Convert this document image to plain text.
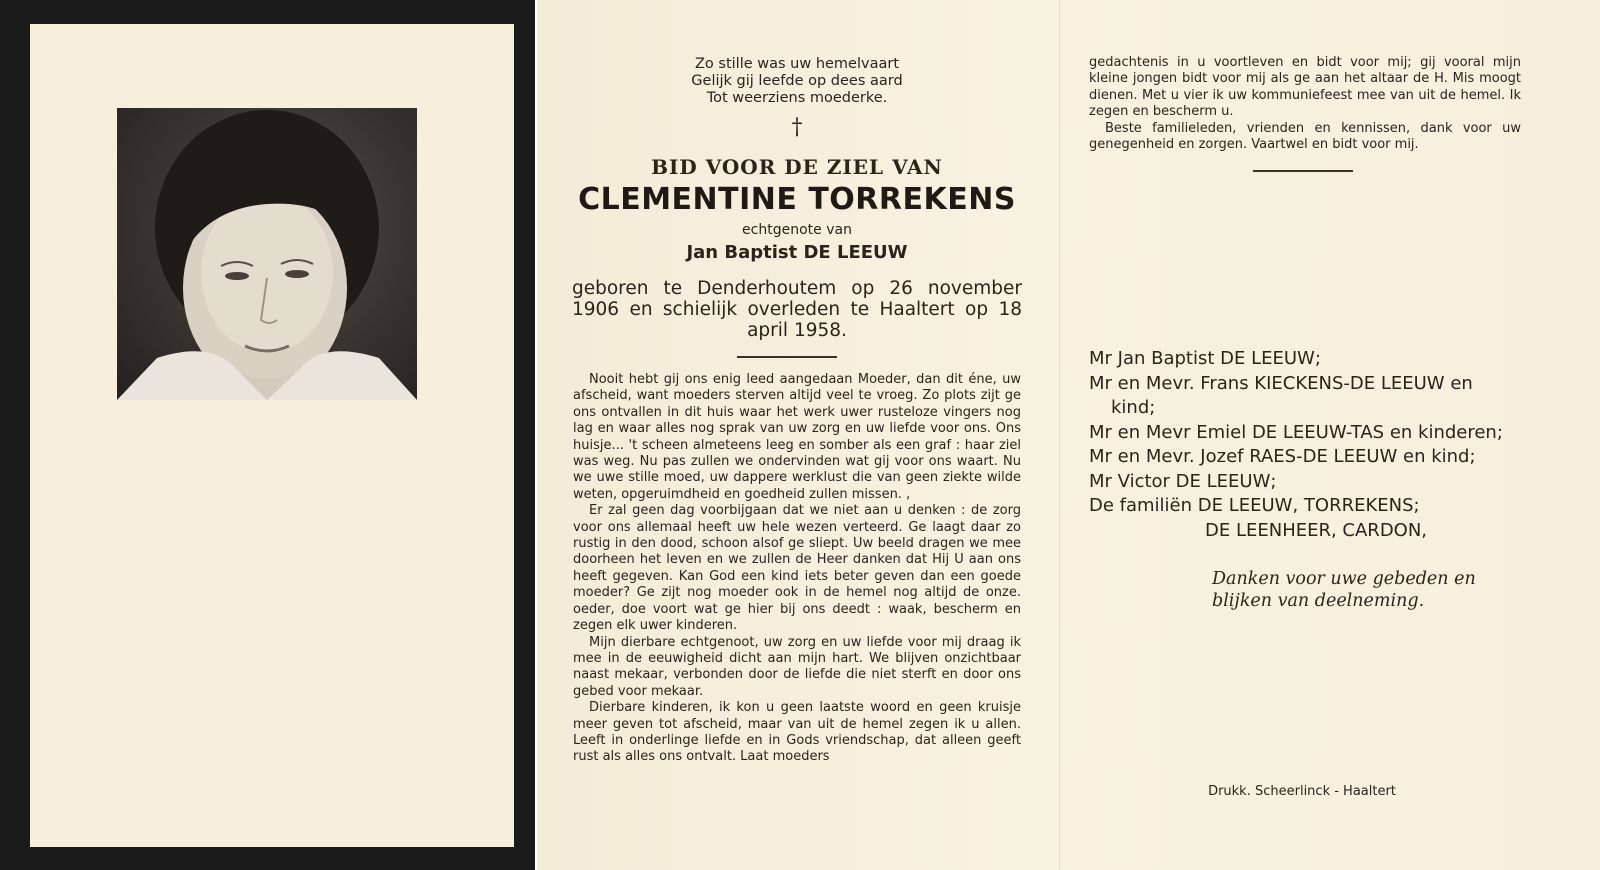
Zo stille was uw hemelvaart
Gelijk gij leefde op dees aard
Tot weerziens moederke.
†
BID VOOR DE ZIEL VAN
CLEMENTINE TORREKENS
echtgenote van
Jan Baptist DE LEEUW
geboren te Denderhoutem op 26 november 1906 en schielijk overleden te Haaltert op 18 april 1958.

Nooit hebt gij ons enig leed aangedaan Moeder, dan dit éne, uw afscheid, want moeders sterven altijd veel te vroeg. Zo plots zijt ge ons ontvallen in dit huis waar het werk uwer rusteloze vingers nog lag en waar alles nog sprak van uw zorg en uw liefde voor ons. Ons huisje... 't scheen almeteens leeg en somber als een graf : haar ziel was weg. Nu pas zullen we ondervinden wat gij voor ons waart. Nu we uwe stille moed, uw dappere werklust die van geen ziekte wilde weten, opgeruimdheid en goedheid zullen missen. ,

Er zal geen dag voorbijgaan dat we niet aan u denken : de zorg voor ons allemaal heeft uw hele wezen verteerd. Ge laagt daar zo rustig in den dood, schoon alsof ge sliept. Uw beeld dragen we mee doorheen het leven en we zullen de Heer danken dat Hij U aan ons heeft gegeven. Kan God een kind iets beter geven dan een goede moeder? Ge zijt nog moeder ook in de hemel nog altijd de onze. oeder, doe voort wat ge hier bij ons deedt : waak, bescherm en zegen elk uwer kinderen.

Mijn dierbare echtgenoot, uw zorg en uw liefde voor mij draag ik mee in de eeuwigheid dicht aan mijn hart. We blijven onzichtbaar naast mekaar, verbonden door de liefde die niet sterft en door ons gebed voor mekaar.

Dierbare kinderen, ik kon u geen laatste woord en geen kruisje meer geven tot afscheid, maar van uit de hemel zegen ik u allen. Leeft in onderlinge liefde en in Gods vriendschap, dat alleen geeft rust als alles ons ontvalt. Laat moeders

gedachtenis in u voortleven en bidt voor mij; gij vooral mijn kleine jongen bidt voor mij als ge aan het altaar de H. Mis moogt dienen. Met u vier ik uw kommuniefeest mee van uit de hemel. Ik zegen en bescherm u.

Beste familieleden, vrienden en kennissen, dank voor uw genegenheid en zorgen. Vaartwel en bidt voor mij.

Mr Jan Baptist DE LEEUW;
Mr en Mevr. Frans KIECKENS-DE LEEUW en
kind;
Mr en Mevr Emiel DE LEEUW-TAS en kinderen;
Mr en Mevr. Jozef RAES-DE LEEUW en kind;
Mr Victor DE LEEUW;
De familiën DE LEEUW, TORREKENS;
DE LEENHEER, CARDON,
Danken voor uwe gebeden en
blijken van deelneming.
Drukk. Scheerlinck - Haaltert
